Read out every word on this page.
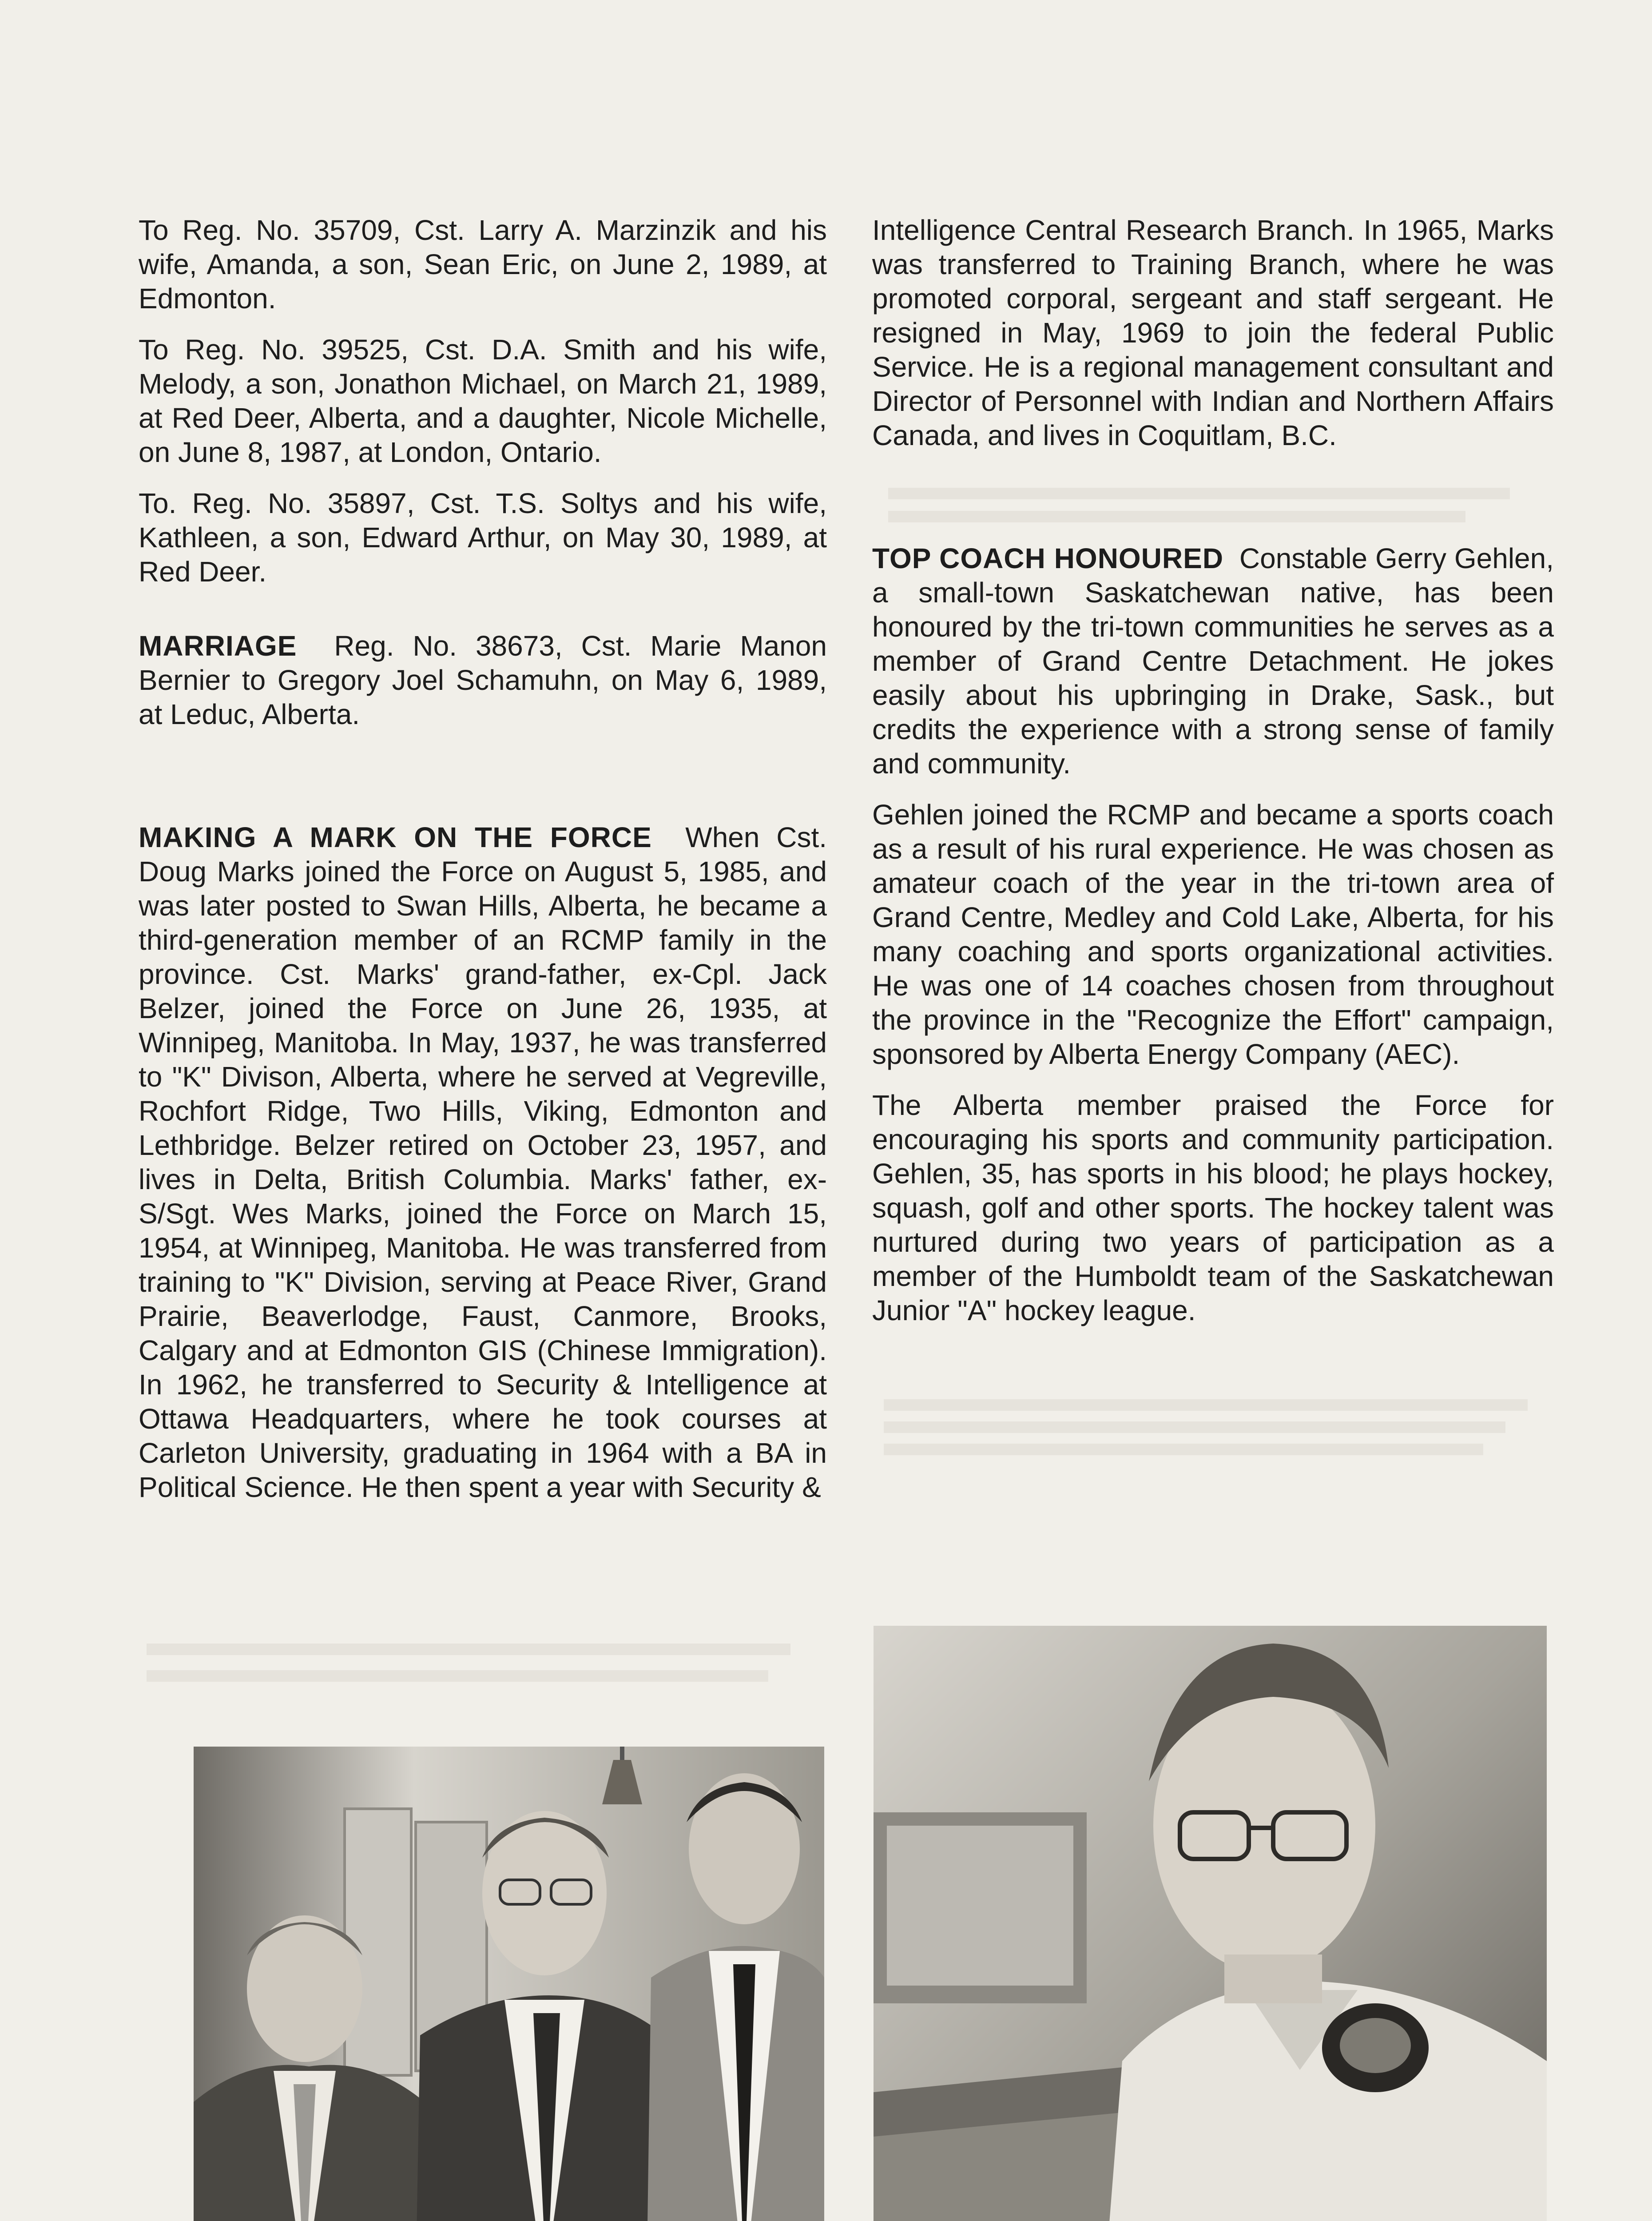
To Reg. No. 35709, Cst. Larry A. Marzinzik and his wife, Amanda, a son, Sean Eric, on June 2, 1989, at Edmonton.

To Reg. No. 39525, Cst. D.A. Smith and his wife, Melody, a son, Jonathon Michael, on March 21, 1989, at Red Deer, Alberta, and a daughter, Nicole Michelle, on June 8, 1987, at London, Ontario.

To. Reg. No. 35897, Cst. T.S. Soltys and his wife, Kathleen, a son, Edward Arthur, on May 30, 1989, at Red Deer.

MARRIAGE Reg. No. 38673, Cst. Marie Manon Bernier to Gregory Joel Schamuhn, on May 6, 1989, at Leduc, Alberta.

MAKING A MARK ON THE FORCE When Cst. Doug Marks joined the Force on August 5, 1985, and was later posted to Swan Hills, Alberta, he became a third-generation member of an RCMP family in the province. Cst. Marks' grand-father, ex-Cpl. Jack Belzer, joined the Force on June 26, 1935, at Winnipeg, Manitoba. In May, 1937, he was transferred to "K" Divison, Alberta, where he served at Vegreville, Rochfort Ridge, Two Hills, Viking, Edmonton and Lethbridge. Belzer retired on October 23, 1957, and lives in Delta, British Columbia. Marks' father, ex-S/Sgt. Wes Marks, joined the Force on March 15, 1954, at Winnipeg, Manitoba. He was transferred from training to "K" Division, serving at Peace River, Grand Prairie, Beaverlodge, Faust, Canmore, Brooks, Calgary and at Edmonton GIS (Chinese Immigration). In 1962, he transferred to Security & Intelligence at Ottawa Headquarters, where he took courses at Carleton University, graduating in 1964 with a BA in Political Science. He then spent a year with Security &

Intelligence Central Research Branch. In 1965, Marks was transferred to Training Branch, where he was promoted corporal, sergeant and staff sergeant. He resigned in May, 1969 to join the federal Public Service. He is a regional management consultant and Director of Personnel with Indian and Northern Affairs Canada, and lives in Coquitlam, B.C.

TOP COACH HONOURED Constable Gerry Gehlen, a small-town Saskatchewan native, has been honoured by the tri-town communities he serves as a member of Grand Centre Detachment. He jokes easily about his upbringing in Drake, Sask., but credits the experience with a strong sense of family and community.

Gehlen joined the RCMP and became a sports coach as a result of his rural experience. He was chosen as amateur coach of the year in the tri-town area of Grand Centre, Medley and Cold Lake, Alberta, for his many coaching and sports organizational activities. He was one of 14 coaches chosen from throughout the province in the "Recognize the Effort" campaign, sponsored by Alberta Energy Company (AEC).

The Alberta member praised the Force for encouraging his sports and community participation. Gehlen, 35, has sports in his blood; he plays hockey, squash, golf and other sports. The hockey talent was nurtured during two years of participation as a member of the Humboldt team of the Saskatchewan Junior "A" hockey league.
